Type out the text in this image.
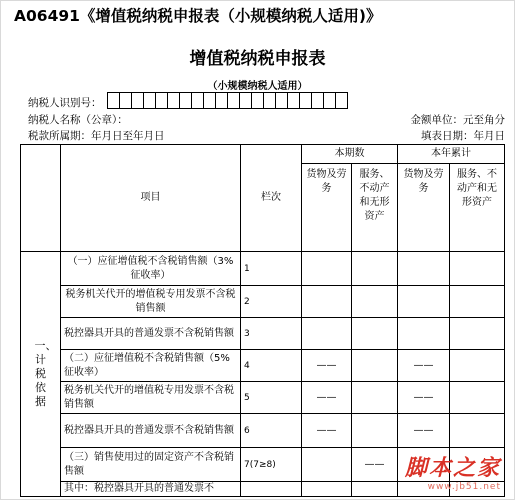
A06491《增值税纳税申报表（小规模纳税人适用)》
增值税纳税申报表
（小规模纳税人适用）
纳税人识别号：
纳税人名称（公章）：	金额单位：元至角分
税款所属期：年月日至年月日	填表日期：年月日
	项目	栏次	本期数		本年累计	
			货物及劳务	服务、不动产和无形资产	货物及劳务	服务、不动产和无形资产

一、计税依据	（一）应征增值税不含税销售额（3%征收率）	1				
	税务机关代开的增值税专用发票不含税销售额	2				
	税控器具开具的普通发票不含税销售额	3				
	（二）应征增值税不含税销售额（5%征收率）	4	——		——	
	税务机关代开的增值税专用发票不含税销售额	5	——		——	
	税控器具开具的普通发票不含税销售额	6	——		——	
	（三）销售使用过的固定资产不含税销售额	7(7≥8)		——		
	其中：税控器具开具的普通发票不					
脚本之家
www.jb51.net
